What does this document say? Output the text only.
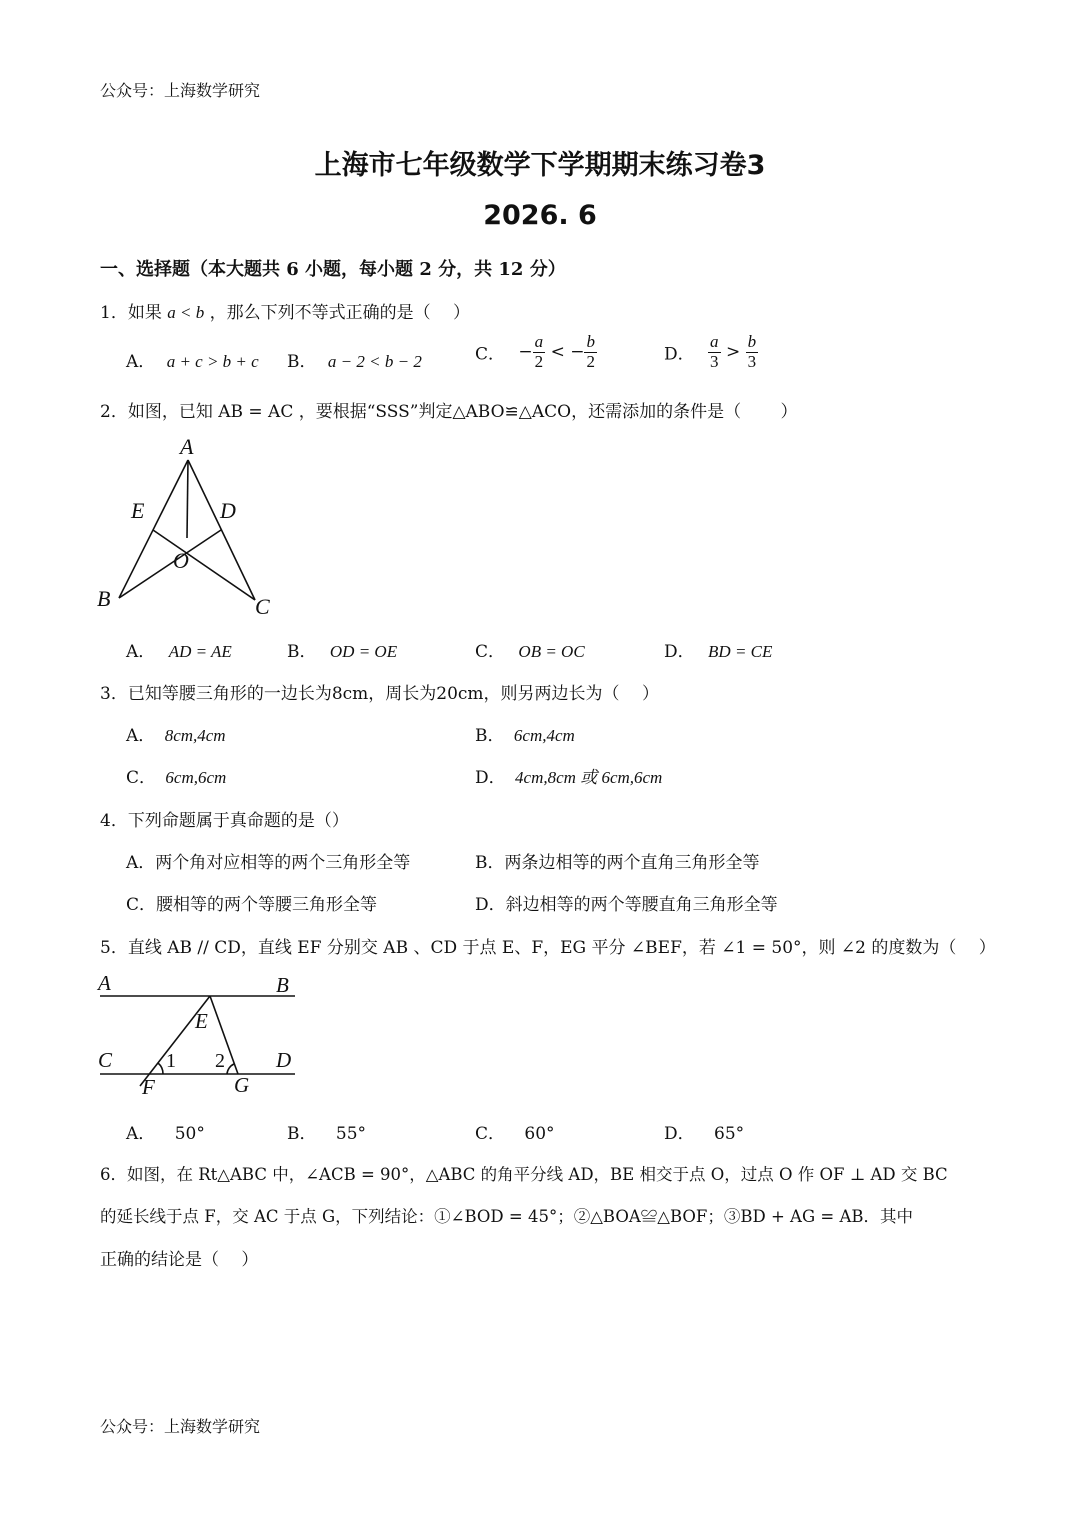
公众号：上海数学研究
上海市七年级数学下学期期末练习卷3
2026. 6
一、选择题（本大题共 6 小题，每小题 2 分，共 12 分）
1．如果 a < b ，那么下列不等式正确的是（　 ）
A． a + c > b + c B． a − 2 < b − 2	C． − $\frac{a}{2}$ < − $\frac{b}{2}$	D． $\frac{a}{3} > \frac{b}{3}$
2．如图，已知 AB = AC ，要根据“SSS”判定△ABO≌△ACO，还需添加的条件是（　　 ）
A
E	D
O
B	C
A． AD = AE	B． OD = OE	C． OB = OC	D． BD = CE
3．已知等腰三角形的一边长为8cm，周长为20cm，则另两边长为（　 ）
A． 8cm,4cm	B． 6cm,4cm
C． 6cm,6cm	D． 4cm,8cm 或 6cm,6cm
4．下列命题属于真命题的是（）
A．两个角对应相等的两个三角形全等	B．两条边相等的两个直角三角形全等
C．腰相等的两个等腰三角形全等	D．斜边相等的两个等腰直角三角形全等
5．直线 AB // CD，直线 EF 分别交 AB 、CD 于点 E、F，EG 平分 ∠BEF，若 ∠1 = 50°，则 ∠2 的度数为（　 ）
A	B
E
C	D
F	G
1 2
A． 50°	B． 55°	C． 60°	D． 65°
6．如图，在 Rt△ABC 中，∠ACB = 90°，△ABC 的角平分线 AD，BE 相交于点 O，过点 O 作 OF ⊥ AD 交 BC
的延长线于点 F，交 AC 于点 G，下列结论：①∠BOD = 45°；②△BOA≌△BOF；③BD + AG = AB．其中
正确的结论是（　 ）
公众号：上海数学研究
